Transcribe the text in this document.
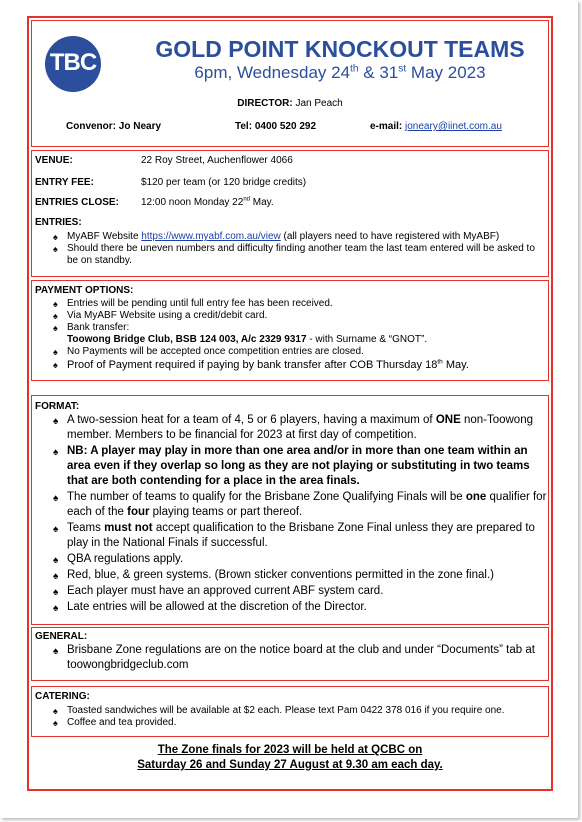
TBC	GOLD POINT KNOCKOUT TEAMS
6pm, Wednesday 24th & 31st May 2023
DIRECTOR: Jan Peach
Convenor: Jo Neary	Tel: 0400 520 292	e-mail: joneary@iinet.com.au
VENUE:	22 Roy Street, Auchenflower 4066
ENTRY FEE:	$120 per team (or 120 bridge credits)
ENTRIES CLOSE: 12:00 noon Monday 22nd May.
ENTRIES:
♠ MyABF Website https://www.myabf.com.au/view (all players need to have registered with MyABF)
♠ Should there be uneven numbers and difficulty finding another team the last team entered will be asked to be on standby.
PAYMENT OPTIONS:
♠ Entries will be pending until full entry fee has been received.
♠ Via MyABF Website using a credit/debit card.
♠ Bank transfer:
Toowong Bridge Club, BSB 124 003, A/c 2329 9317 - with Surname & “GNOT”.
♠ No Payments will be accepted once competition entries are closed.
♠ Proof of Payment required if paying by bank transfer after COB Thursday 18th May.
FORMAT:
♠ A two-session heat for a team of 4, 5 or 6 players, having a maximum of ONE non-Toowong member. Members to be financial for 2023 at first day of competition.
♠ NB: A player may play in more than one area and/or in more than one team within an area even if they overlap so long as they are not playing or substituting in two teams that are both contending for a place in the area finals.
♠ The number of teams to qualify for the Brisbane Zone Qualifying Finals will be one qualifier for each of the four playing teams or part thereof.
♠ Teams must not accept qualification to the Brisbane Zone Final unless they are prepared to play in the National Finals if successful.
♠ QBA regulations apply.
♠ Red, blue, & green systems. (Brown sticker conventions permitted in the zone final.)
♠ Each player must have an approved current ABF system card.
♠ Late entries will be allowed at the discretion of the Director.
GENERAL:
♠ Brisbane Zone regulations are on the notice board at the club and under “Documents” tab at toowongbridgeclub.com
CATERING:
♠ Toasted sandwiches will be available at $2 each. Please text Pam 0422 378 016 if you require one.
♠ Coffee and tea provided.
The Zone finals for 2023 will be held at QCBC on
Saturday 26 and Sunday 27 August at 9.30 am each day.
